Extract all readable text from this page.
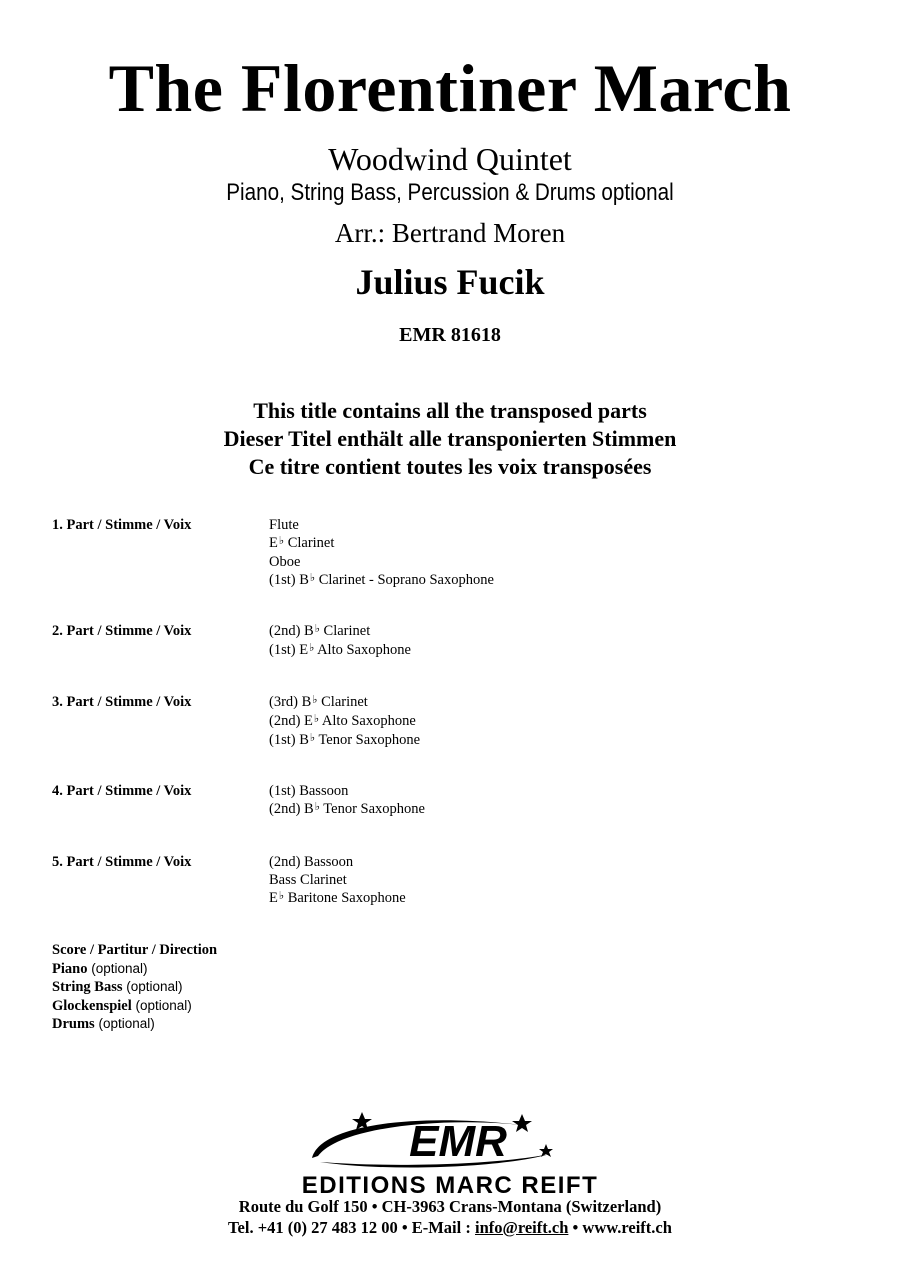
The Florentiner March
Woodwind Quintet
Piano, String Bass, Percussion & Drums optional
Arr.: Bertrand Moren
Julius Fucik
EMR 81618
This title contains all the transposed parts
Dieser Titel enthält alle transponierten Stimmen
Ce titre contient toutes les voix transposées
1. Part / Stimme / Voix	Flute
E♭ Clarinet
Oboe
(1st) B♭ Clarinet - Soprano Saxophone
2. Part / Stimme / Voix	(2nd) B♭ Clarinet
(1st) E♭ Alto Saxophone
3. Part / Stimme / Voix	(3rd) B♭ Clarinet
(2nd) E♭ Alto Saxophone
(1st) B♭ Tenor Saxophone
4. Part / Stimme / Voix	(1st) Bassoon
(2nd) B♭ Tenor Saxophone
5. Part / Stimme / Voix	(2nd) Bassoon
Bass Clarinet
E♭ Baritone Saxophone
Score / Partitur / Direction
Piano (optional)
String Bass (optional)
Glockenspiel (optional)
Drums (optional)
EMR
EDITIONS MARC REIFT
Route du Golf 150 • CH-3963 Crans-Montana (Switzerland)
Tel. +41 (0) 27 483 12 00 • E-Mail : info@reift.ch • www.reift.ch
